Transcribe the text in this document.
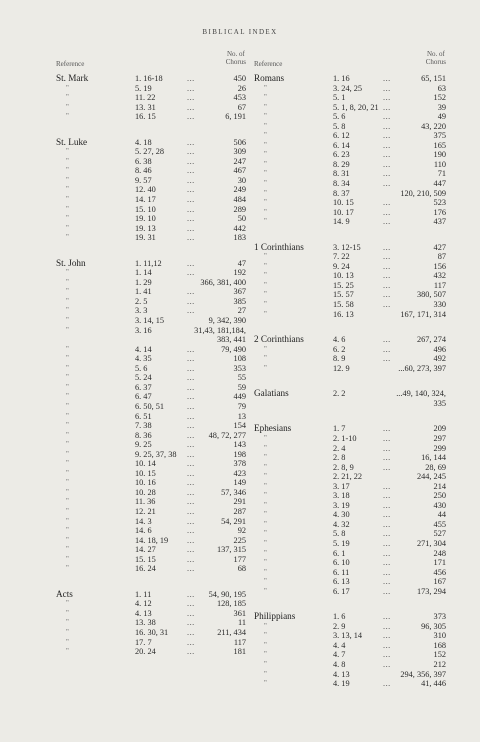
BIBLICAL INDEX
Reference
No. of
Chorus
St. Mark	1. 16-18	...	450
"	5. 19	...	26
"	11. 22	...	453
"	13. 31	...	67
"	16. 15	...	6, 191
St. Luke	4. 18	...	506
"	5. 27, 28	...	309
"	6. 38	...	247
"	8. 46	...	467
"	9. 57	...	30
"	12. 40	...	249
"	14. 17	...	484
"	15. 10	...	289
"	19. 10	...	50
"	19. 13	...	442
"	19. 31	...	183
St. John	1. 11,12	...	47
"	1. 14	...	192
"	1. 29	366, 381, 400
"	1. 41	...	367
"	2. 5	...	385
"	3. 3	...	27
"	3. 14, 15	9, 342, 390
"	3. 16	31,43, 181,184,
383, 441
"	4. 14	...	79, 490
"	4. 35	...	108
"	5. 6	...	353
"	5. 24	...	55
"	6. 37	...	59
"	6. 47	...	449
"	6. 50, 51	...	79
"	6. 51	...	13
"	7. 38	...	154
"	8. 36	... 48, 72, 277
"	9. 25	...	143
"	9. 25, 37, 38 ...	198
"	10. 14	...	378
"	10. 15	...	423
"	10. 16	...	149
"	10. 28	...	57, 346
"	11. 36	...	291
"	12. 21	...	287
"	14. 3	...	54, 291
"	14. 6	...	92
"	14. 18, 19 ...	225
"	14. 27	...	137, 315
"	15. 15	...	177
"	16. 24	...	68
Acts	1. 11	... 54, 90, 195
"	4. 12	...	128, 185
"	4. 13	...	361
"	13. 38	...	11
"	16. 30, 31 ...	211, 434
"	17. 7	...	117
"	20. 24	...	181
Reference
No. of
Chorus
Romans	1. 16	...	65, 151
"	3. 24, 25	...	63
"	5. 1	...	152
"	5. 1, 8, 20, 21 ...	39
"	5. 6	...	49
"	5. 8	...	43, 220
"	6. 12	...	375
"	6. 14	...	165
"	6. 23	...	190
"	8. 29	...	110
"	8. 31	...	71
"	8. 34	...	447
"	8. 37	120, 210, 509
"	10. 15	...	523
"	10. 17	...	176
"	14. 9	...	437
1 Corinthians	3. 12-15	...	427
"	7. 22	...	87
"	9. 24	...	156
"	10. 13	...	432
"	15. 25	...	117
"	15. 57	...	380, 507
"	15. 58	...	330
"	16. 13	167, 171, 314
2 Corinthians	4. 6	...	267, 274
"	6. 2	...	496
"	8. 9	...	492
"	12. 9	...60, 273, 397
Galatians	2. 2	...49, 140, 324,
335
Ephesians	1. 7	...	209
"	2. 1-10	...	297
"	2. 4	...	299
"	2. 8	...	16, 144
"	2. 8, 9	...	28, 69
"	2. 21, 22	244, 245
"	3. 17	...	214
"	3. 18	...	250
"	3. 19	...	430
"	4. 30	...	44
"	4. 32	...	455
"	5. 8	...	527
"	5. 19	...	271, 304
"	6. 1	...	248
"	6. 10	...	171
"	6. 11	...	456
"	6. 13	...	167
"	6. 17	...	173, 294
Philippians	1. 6	...	373
"	2. 9	...	96, 305
"	3. 13, 14	...	310
"	4. 4	...	168
"	4. 7	...	152
"	4. 8	...	212
"	4. 13	294, 356, 397
"	4. 19	...	41, 446
